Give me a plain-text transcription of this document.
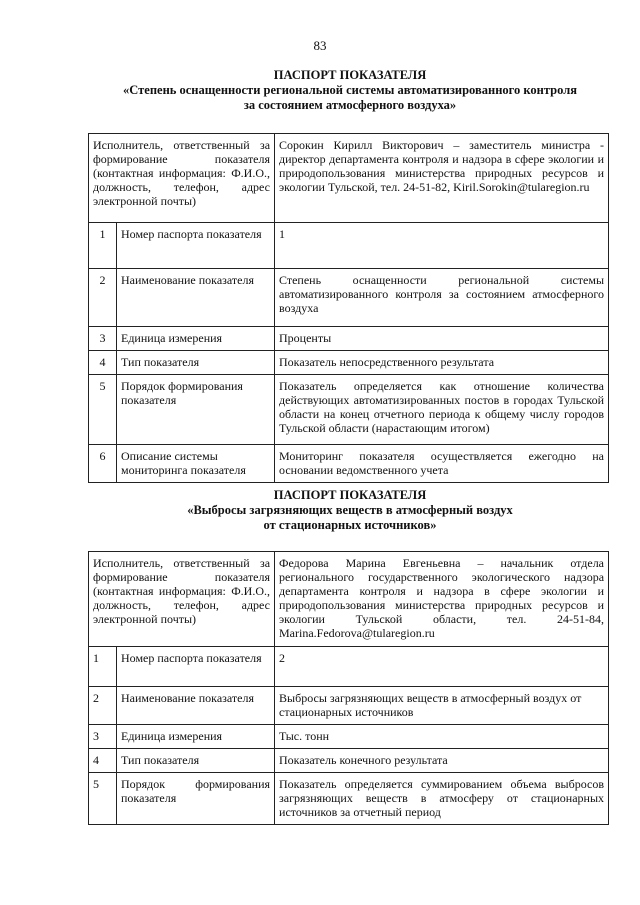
83
ПАСПОРТ ПОКАЗАТЕЛЯ
«Степень оснащенности региональной системы автоматизированного контроля
за состоянием атмосферного воздуха»
Исполнитель, ответственный за формирование показателя (контактная информация: Ф.И.О., должность, телефон, адрес электронной почты)		Сорокин Кирилл Викторович – заместитель министра - директор департамента контроля и надзора в сфере экологии и природопользования министерства природных ресурсов и экологии Тульской, тел. 24-51-82, Kiril.Sorokin@tularegion.ru
1	Номер паспорта показателя	1
2	Наименование показателя	Степень оснащенности региональной системы автоматизированного контроля за состоянием атмосферного воздуха
3	Единица измерения	Проценты
4	Тип показателя	Показатель непосредственного результата
5	Порядок формирования показателя	Показатель определяется как отношение количества действующих автоматизированных постов в городах Тульской области на конец отчетного периода к общему числу городов Тульской области (нарастающим итогом)
6	Описание системы мониторинга показателя	Мониторинг показателя осуществляется ежегодно на основании ведомственного учета
ПАСПОРТ ПОКАЗАТЕЛЯ
«Выбросы загрязняющих веществ в атмосферный воздух
от стационарных источников»
Исполнитель, ответственный за формирование показателя (контактная информация: Ф.И.О., должность, телефон, адрес электронной почты)		Федорова Марина Евгеньевна – начальник отдела регионального государственного экологического надзора департамента контроля и надзора в сфере экологии и природопользования министерства природных ресурсов и экологии Тульской области, тел. 24-51-84, Marina.Fedorova@tularegion.ru
1	Номер паспорта показателя	2
2	Наименование показателя	Выбросы загрязняющих веществ в атмосферный воздух от стационарных источников
3	Единица измерения	Тыс. тонн
4	Тип показателя	Показатель конечного результата
5	Порядок формирования показателя	Показатель определяется суммированием объема выбросов загрязняющих веществ в атмосферу от стационарных источников за отчетный период
